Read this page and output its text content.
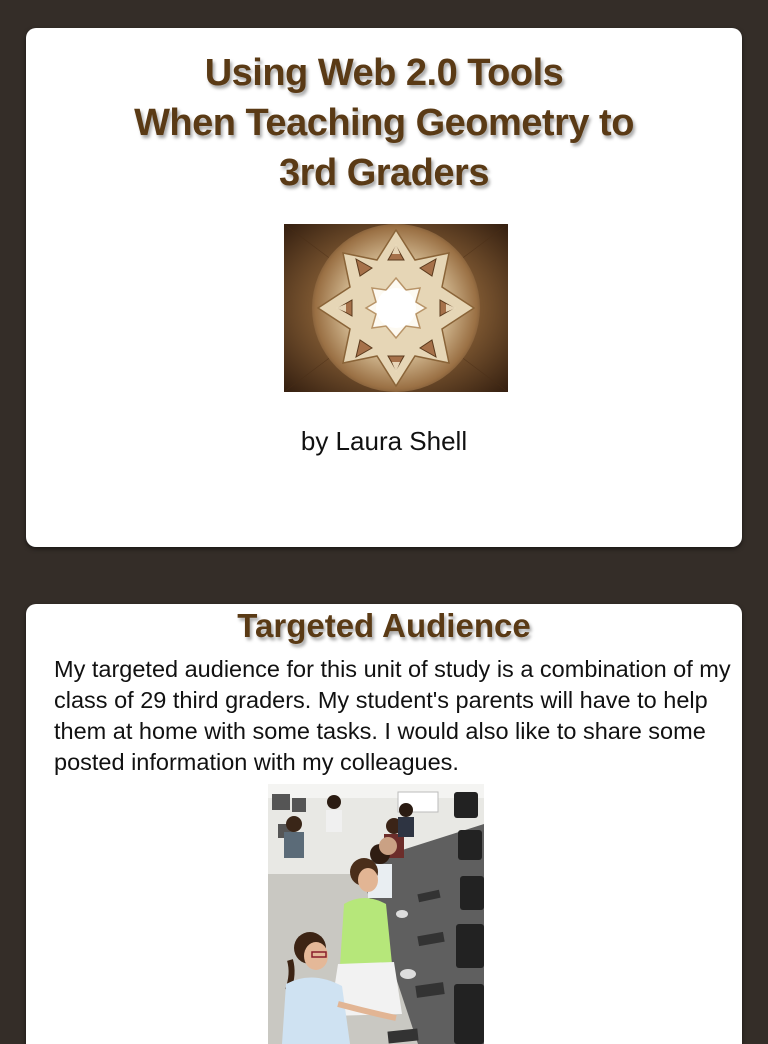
Using Web 2.0 Tools
When Teaching Geometry to
3rd Graders
by Laura Shell
Targeted Audience

My targeted audience for this unit of study is a combination of my class of 29 third graders. My student's parents will have to help them at home with some tasks. I would also like to share some posted information with my colleagues.
